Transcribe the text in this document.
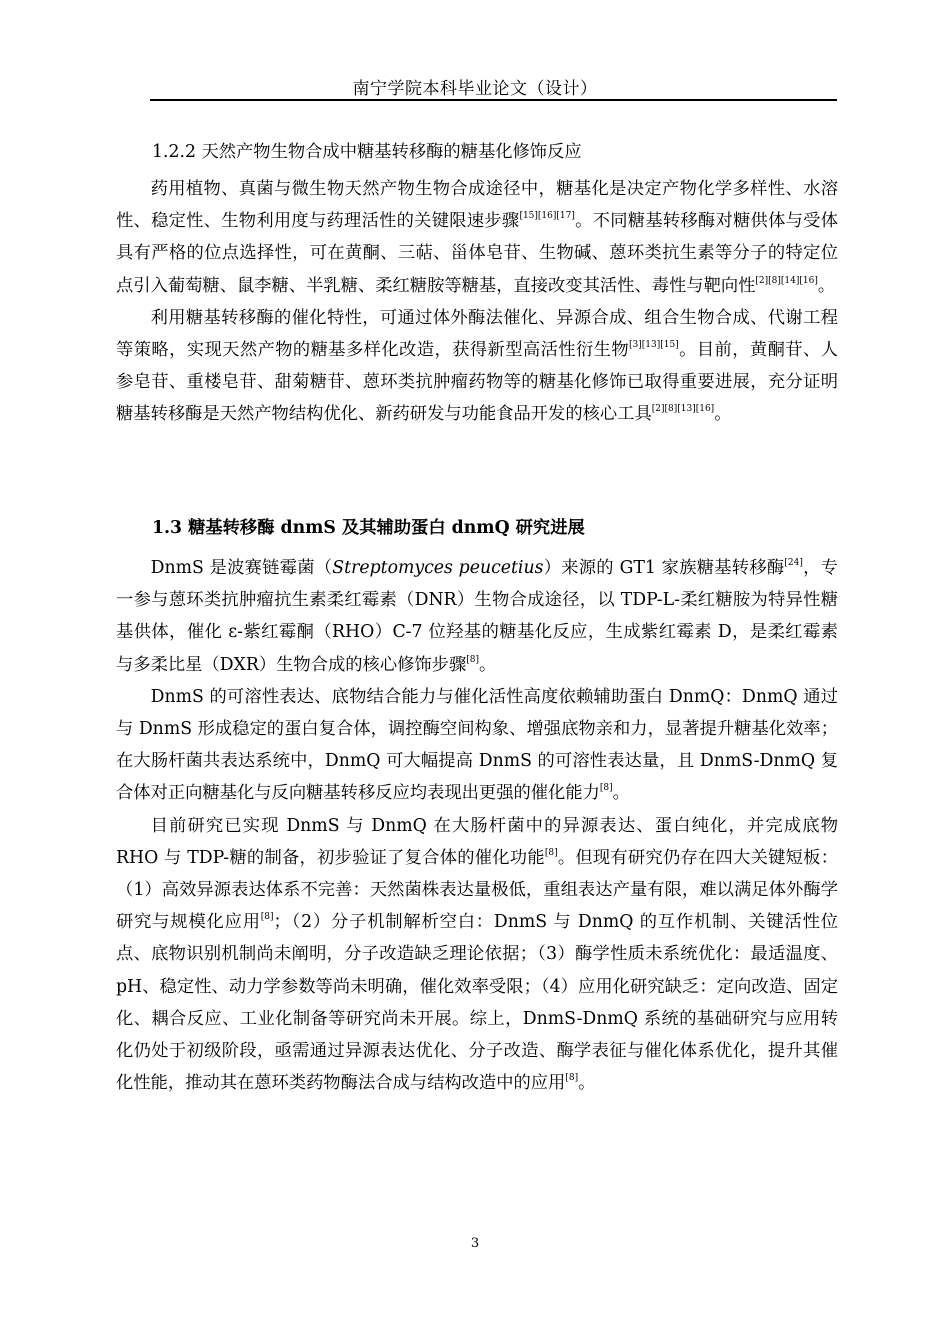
南宁学院本科毕业论文（设计）

1.2.2 天然产物生物合成中糖基转移酶的糖基化修饰反应

药用植物、真菌与微生物天然产物生物合成途径中，糖基化是决定产物化学多样性、水溶性、稳定性、生物利用度与药理活性的关键限速步骤[15][16][17]。不同糖基转移酶对糖供体与受体具有严格的位点选择性，可在黄酮、三萜、甾体皂苷、生物碱、蒽环类抗生素等分子的特定位点引入葡萄糖、鼠李糖、半乳糖、柔红糖胺等糖基，直接改变其活性、毒性与靶向性[2][8][14][16]。

利用糖基转移酶的催化特性，可通过体外酶法催化、异源合成、组合生物合成、代谢工程等策略，实现天然产物的糖基多样化改造，获得新型高活性衍生物[3][13][15]。目前，黄酮苷、人参皂苷、重楼皂苷、甜菊糖苷、蒽环类抗肿瘤药物等的糖基化修饰已取得重要进展，充分证明糖基转移酶是天然产物结构优化、新药研发与功能食品开发的核心工具[2][8][13][16]。

1.3 糖基转移酶 dnmS 及其辅助蛋白 dnmQ 研究进展

DnmS 是波赛链霉菌（Streptomyces peucetius）来源的 GT1 家族糖基转移酶[24]，专一参与蒽环类抗肿瘤抗生素柔红霉素（DNR）生物合成途径，以 TDP-L-柔红糖胺为特异性糖基供体，催化 ε-紫红霉酮（RHO）C-7 位羟基的糖基化反应，生成紫红霉素 D，是柔红霉素与多柔比星（DXR）生物合成的核心修饰步骤[8]。

DnmS 的可溶性表达、底物结合能力与催化活性高度依赖辅助蛋白 DnmQ：DnmQ 通过与 DnmS 形成稳定的蛋白复合体，调控酶空间构象、增强底物亲和力，显著提升糖基化效率；在大肠杆菌共表达系统中，DnmQ 可大幅提高 DnmS 的可溶性表达量，且 DnmS-DnmQ 复合体对正向糖基化与反向糖基转移反应均表现出更强的催化能力[8]。

目前研究已实现 DnmS 与 DnmQ 在大肠杆菌中的异源表达、蛋白纯化，并完成底物 RHO 与 TDP-糖的制备，初步验证了复合体的催化功能[8]。但现有研究仍存在四大关键短板：（1）高效异源表达体系不完善：天然菌株表达量极低，重组表达产量有限，难以满足体外酶学研究与规模化应用[8]；（2）分子机制解析空白：DnmS 与 DnmQ 的互作机制、关键活性位点、底物识别机制尚未阐明，分子改造缺乏理论依据；（3）酶学性质未系统优化：最适温度、pH、稳定性、动力学参数等尚未明确，催化效率受限；（4）应用化研究缺乏：定向改造、固定化、耦合反应、工业化制备等研究尚未开展。综上，DnmS-DnmQ 系统的基础研究与应用转化仍处于初级阶段，亟需通过异源表达优化、分子改造、酶学表征与催化体系优化，提升其催化性能，推动其在蒽环类药物酶法合成与结构改造中的应用[8]。

3
